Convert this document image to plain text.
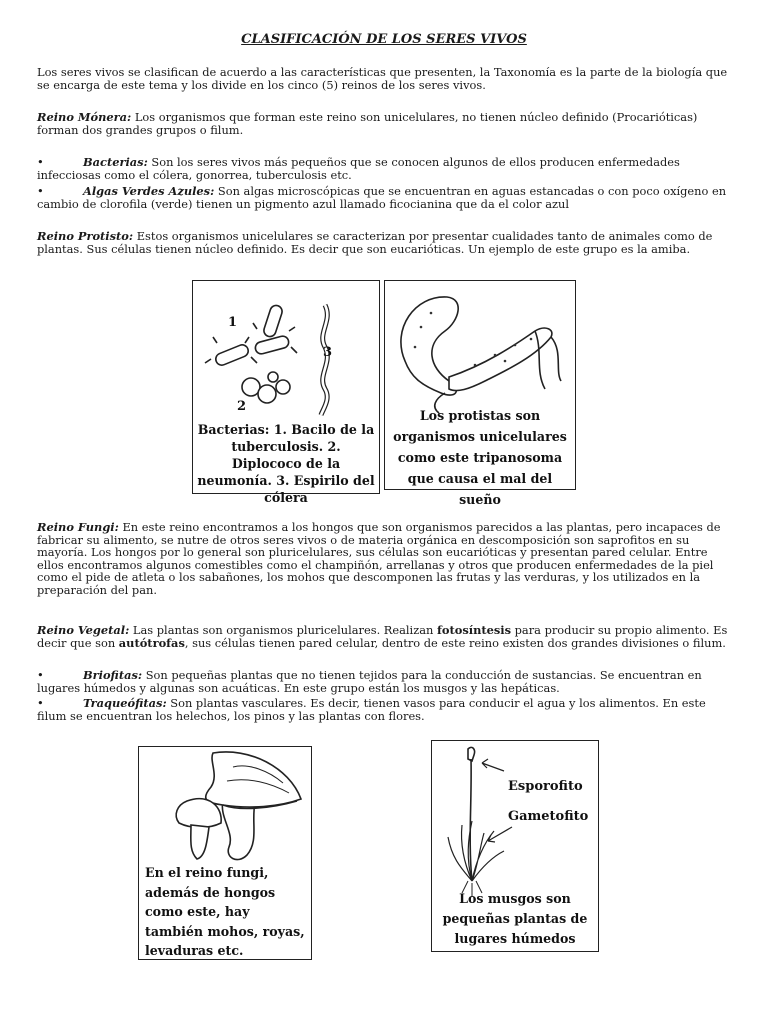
CLASIFICACIÓN DE LOS SERES VIVOS
Los seres vivos se clasifican de acuerdo a las características que presenten, la Taxonomía es la parte de la biología que se encarga de este tema y los divide en los cinco (5) reinos de los seres vivos.
Reino Mónera: Los organismos que forman este reino son unicelulares, no tienen núcleo definido (Procarióticas) forman dos grandes grupos o filum.
•	Bacterias: Son los seres vivos más pequeños que se conocen algunos de ellos producen enfermedades infecciosas como el cólera, gonorrea, tuberculosis etc.
•	Algas Verdes Azules: Son algas microscópicas que se encuentran en aguas estancadas o con poco oxígeno en cambio de clorofila (verde) tienen un pigmento azul llamado ficocianina que da el color azul
Reino Protisto: Estos organismos unicelulares se caracterizan por presentar cualidades tanto de animales como de plantas. Sus células tienen núcleo definido. Es decir que son eucarióticas. Un ejemplo de este grupo es la amiba.
1
2
3
Bacterias: 1. Bacilo de la tuberculosis. 2. Diplococo de la neumonía. 3. Espirilo del cólera
Los protistas son organismos unicelulares como este tripanosoma que causa el mal del sueño
Reino Fungi: En este reino encontramos a los hongos que son organismos parecidos a las plantas, pero incapaces de fabricar su alimento, se nutre de otros seres vivos o de materia orgánica en descomposición son saprofitos en su mayoría. Los hongos por lo general son pluricelulares, sus células son eucarióticas y presentan pared celular. Entre ellos encontramos algunos comestibles como el champiñón, arrellanas y otros que producen enfermedades de la piel como el pide de atleta o los sabañones, los mohos que descomponen las frutas y las verduras, y los utilizados en la preparación del pan.
Reino Vegetal: Las plantas son organismos pluricelulares. Realizan fotosíntesis para producir su propio alimento. Es decir que son autótrofas, sus células tienen pared celular, dentro de este reino existen dos grandes divisiones o filum.
•	Briofitas: Son pequeñas plantas que no tienen tejidos para la conducción de sustancias. Se encuentran en lugares húmedos y algunas son acuáticas. En este grupo están los musgos y las hepáticas.
•	Traqueófitas: Son plantas vasculares. Es decir, tienen vasos para conducir el agua y los alimentos. En este filum se encuentran los helechos, los pinos y las plantas con flores.
En el reino fungi, además de hongos como este, hay también mohos, royas, levaduras etc.
Esporofito
Gametofito
Los musgos son pequeñas plantas de lugares húmedos
